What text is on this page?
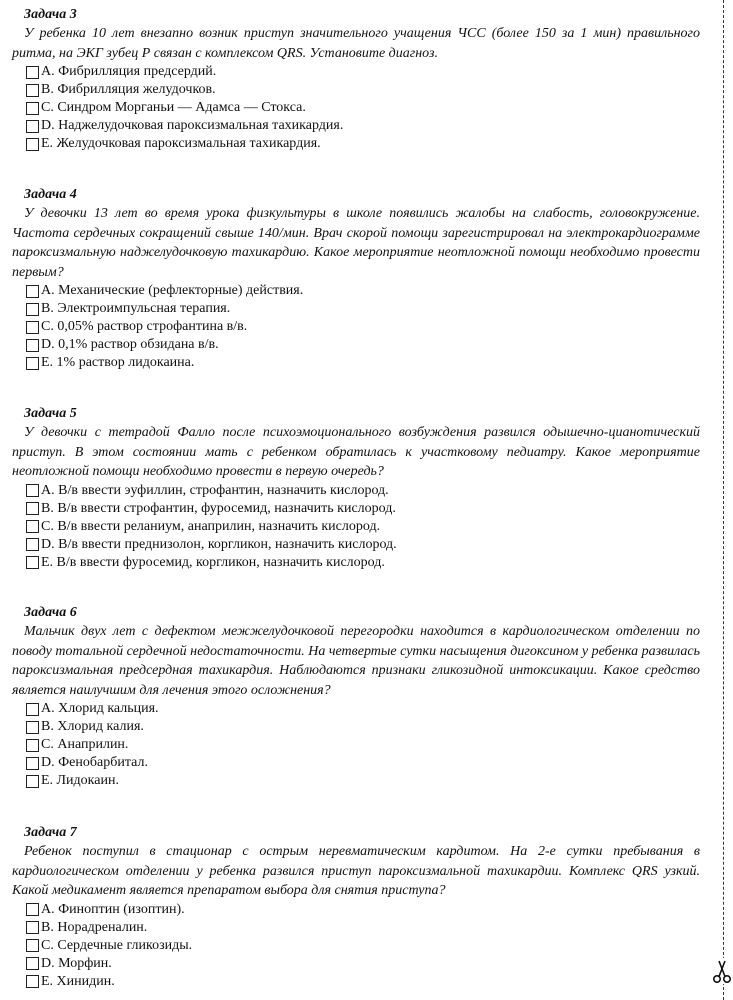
Задача 3

У ребенка 10 лет внезапно возник приступ значительного учащения ЧСС (более 150 за 1 мин) правильного ритма, на ЭКГ зубец Р связан с комплексом QRS. Установите диагноз.

A. Фибрилляция предсердий.
B. Фибрилляция желудочков.
C. Синдром Морганьи — Адамса — Стокса.
D. Наджелудочковая пароксизмальная тахикардия.
E. Желудочковая пароксизмальная тахикардия.

Задача 4

У девочки 13 лет во время урока физкультуры в школе появились жалобы на слабость, головокружение. Частота сердечных сокращений свыше 140/мин. Врач скорой помощи зарегистрировал на электрокардиограмме пароксизмальную наджелудочковую тахикардию. Какое мероприятие неотложной помощи необходимо провести первым?

A. Механические (рефлекторные) действия.
B. Электроимпульсная терапия.
C. 0,05% раствор строфантина в/в.
D. 0,1% раствор обзидана в/в.
E. 1% раствор лидокаина.

Задача 5

У девочки с тетрадой Фалло после психоэмоционального возбуждения развился одышечно-цианотический приступ. В этом состоянии мать с ребенком обратилась к участковому педиатру. Какое мероприятие неотложной помощи необходимо провести в первую очередь?

A. В/в ввести эуфиллин, строфантин, назначить кислород.
B. В/в ввести строфантин, фуросемид, назначить кислород.
C. В/в ввести реланиум, анаприлин, назначить кислород.
D. В/в ввести преднизолон, коргликон, назначить кислород.
E. В/в ввести фуросемид, коргликон, назначить кислород.

Задача 6

Мальчик двух лет с дефектом межжелудочковой перегородки находится в кардиологическом отделении по поводу тотальной сердечной недостаточности. На четвертые сутки насыщения дигоксином у ребенка развилась пароксизмальная предсердная тахикардия. Наблюдаются признаки гликозидной интоксикации. Какое средство является наилучшим для лечения этого осложнения?

A. Хлорид кальция.
B. Хлорид калия.
C. Анаприлин.
D. Фенобарбитал.
E. Лидокаин.

Задача 7

Ребенок поступил в стационар с острым неревматическим кардитом. На 2-е сутки пребывания в кардиологическом отделении у ребенка развился приступ пароксизмальной тахикардии. Комплекс QRS узкий. Какой медикамент является препаратом выбора для снятия приступа?

A. Финоптин (изоптин).
B. Норадреналин.
C. Сердечные гликозиды.
D. Морфин.
E. Хинидин.
